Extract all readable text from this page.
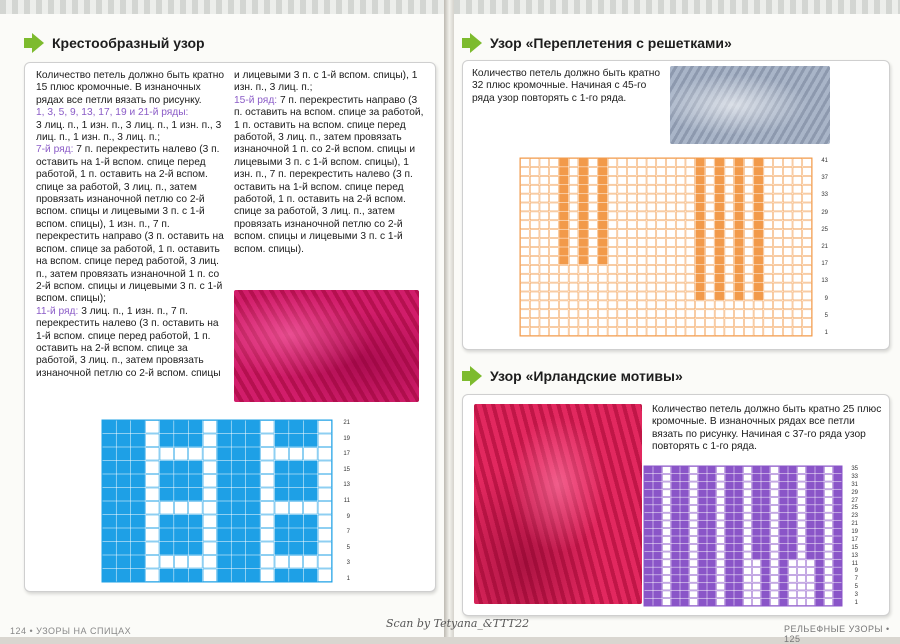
Крестообразный узор
Количество петель должно быть кратно 15 плюс кромочные. В изнаночных рядах все петли вязать по рисунку.
1, 3, 5, 9, 13, 17, 19 и 21-й ряды:
3 лиц. п., 1 изн. п., 3 лиц. п., 1 изн. п., 3 лиц. п., 1 изн. п., 3 лиц. п.;
7-й ряд: 7 п. перекрестить налево (3 п. оставить на 1-й вспом. спице перед работой, 1 п. оставить на 2-й вспом. спице за работой, 3 лиц. п., затем провязать изнаночной петлю со 2-й вспом. спицы и лицевыми 3 п. с 1-й вспом. спицы), 1 изн. п., 7 п. перекрестить направо (3 п. оставить на вспом. спице за работой, 1 п. оставить на вспом. спице перед работой, 3 лиц. п., затем провязать изнаночной 1 п. со 2-й вспом. спицы и лицевыми 3 п. с 1-й вспом. спицы);
11-й ряд: 3 лиц. п., 1 изн. п., 7 п. перекрестить налево (3 п. оставить на 1-й вспом. спице перед работой, 1 п. оставить на 2-й вспом. спице за работой, 3 лиц. п., затем провязать изнаночной петлю со 2-й вспом. спицы
и лицевыми 3 п. с 1-й вспом. спицы), 1 изн. п., 3 лиц. п.;
15-й ряд: 7 п. перекрестить направо (3 п. оставить на вспом. спице за работой, 1 п. оставить на вспом. спице перед работой, 3 лиц. п., затем провязать изнаночной 1 п. со 2-й вспом. спицы и лицевыми 3 п. с 1-й вспом. спицы), 1 изн. п., 7 п. перекрестить налево (3 п. оставить на 1-й вспом. спице перед работой, 1 п. оставить на 2-й вспом. спице за работой, 3 лиц. п., затем провязать изнаночной петлю со 2-й вспом. спицы и лицевыми 3 п. с 1-й вспом. спицы).
21
19
17
15
13
11
9
7
5
3
1
124 • УЗОРЫ НА СПИЦАХ
Узор «Переплетения с решетками»
Количество петель должно быть кратно 32 плюс кромочные. Начиная с 45-го ряда узор повторять с 1-го ряда.
41
37
33
29
25
21
17
13
9
5
1
Узор «Ирландские мотивы»
Количество петель должно быть кратно 25 плюс кромочные. В изнаночных рядах все петли вязать по рисунку. Начиная с 37-го ряда узор повторять с 1-го ряда.
35
33
31
29
27
25
23
21
19
17
15
13
11
9
7
5
3
1
РЕЛЬЕФНЫЕ УЗОРЫ • 125
Scan by Tetyana_&TTT22
